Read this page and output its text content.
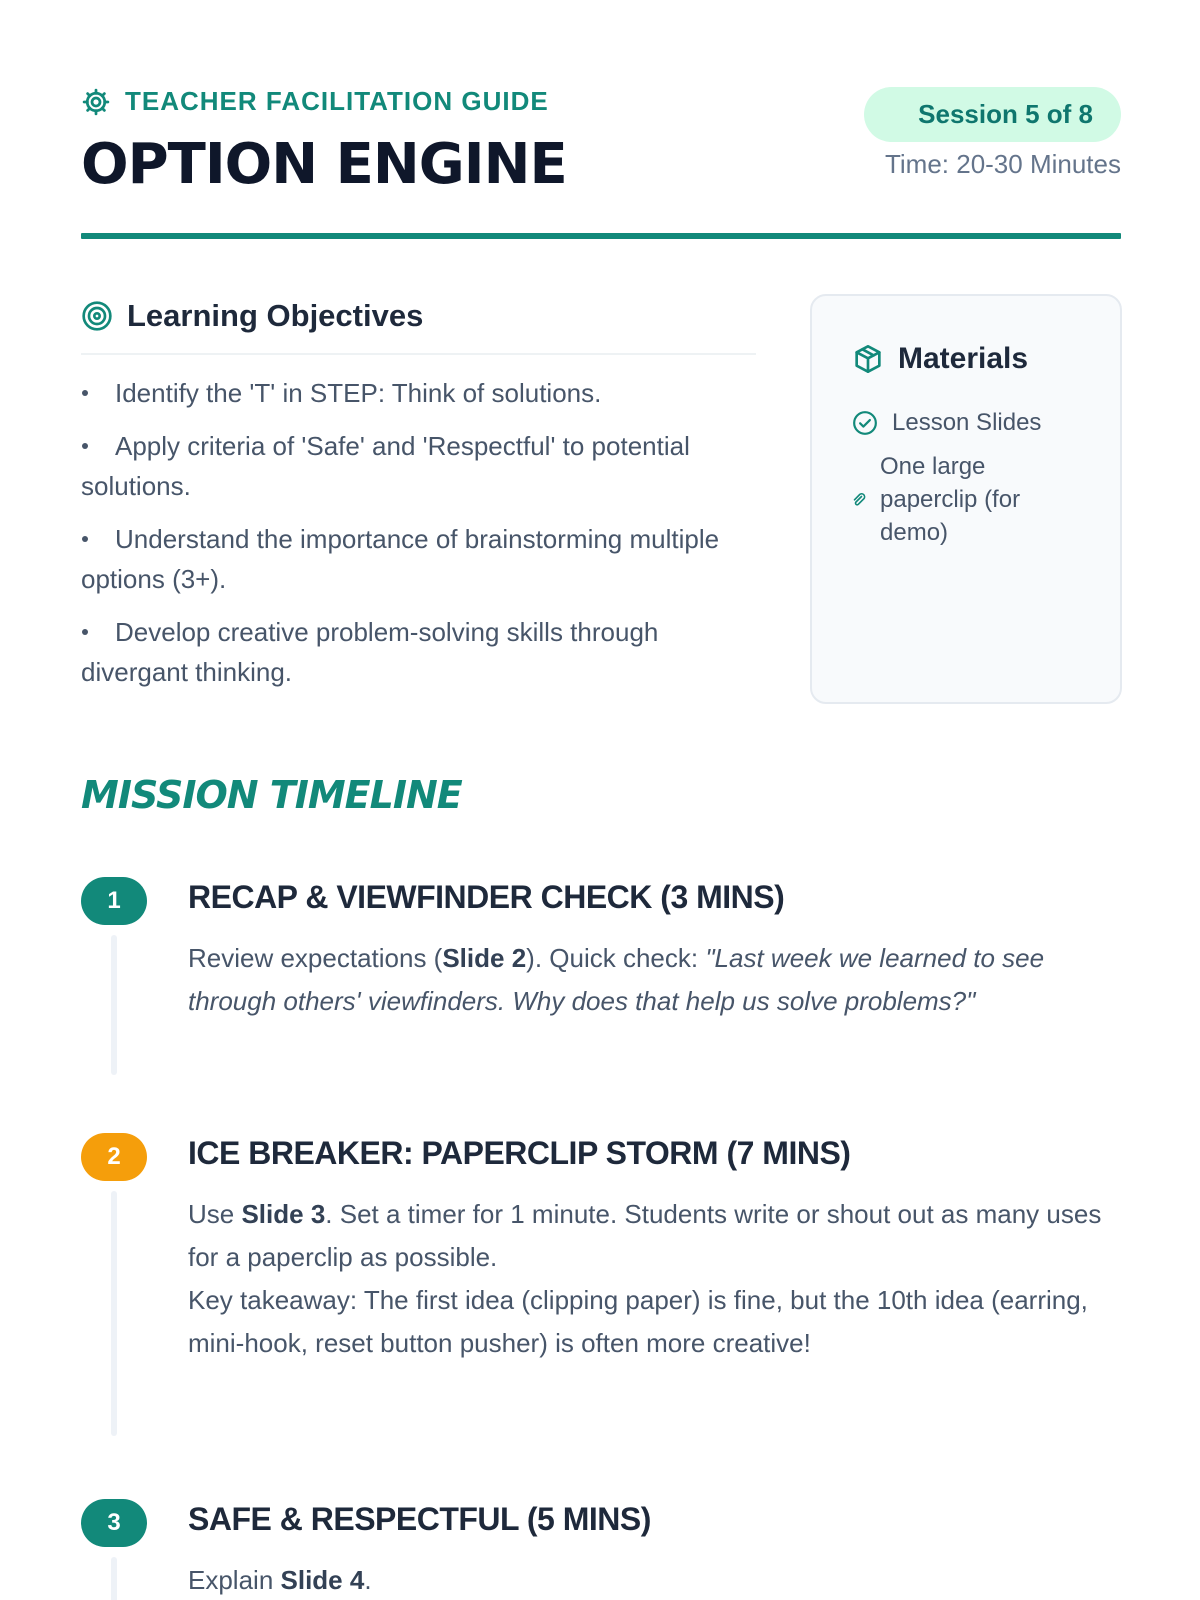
TEACHER FACILITATION GUIDE
OPTION ENGINE
Session 5 of 8
Time: 20-30 Minutes
Learning Objectives
Identify the 'T' in STEP: Think of solutions.
Apply criteria of 'Safe' and 'Respectful' to potential solutions.
Understand the importance of brainstorming multiple options (3+).
Develop creative problem-solving skills through divergant thinking.
Materials
Lesson Slides
One large paperclip (for demo)
MISSION TIMELINE
1	RECAP & VIEWFINDER CHECK (3 MINS)
Review expectations (Slide 2). Quick check: "Last week we learned to see through others' viewfinders. Why does that help us solve problems?"
2	ICE BREAKER: PAPERCLIP STORM (7 MINS)
Use Slide 3. Set a timer for 1 minute. Students write or shout out as many uses for a paperclip as possible.
Key takeaway: The first idea (clipping paper) is fine, but the 10th idea (earring, mini-hook, reset button pusher) is often more creative!
3	SAFE & RESPECTFUL (5 MINS)
Explain Slide 4.
